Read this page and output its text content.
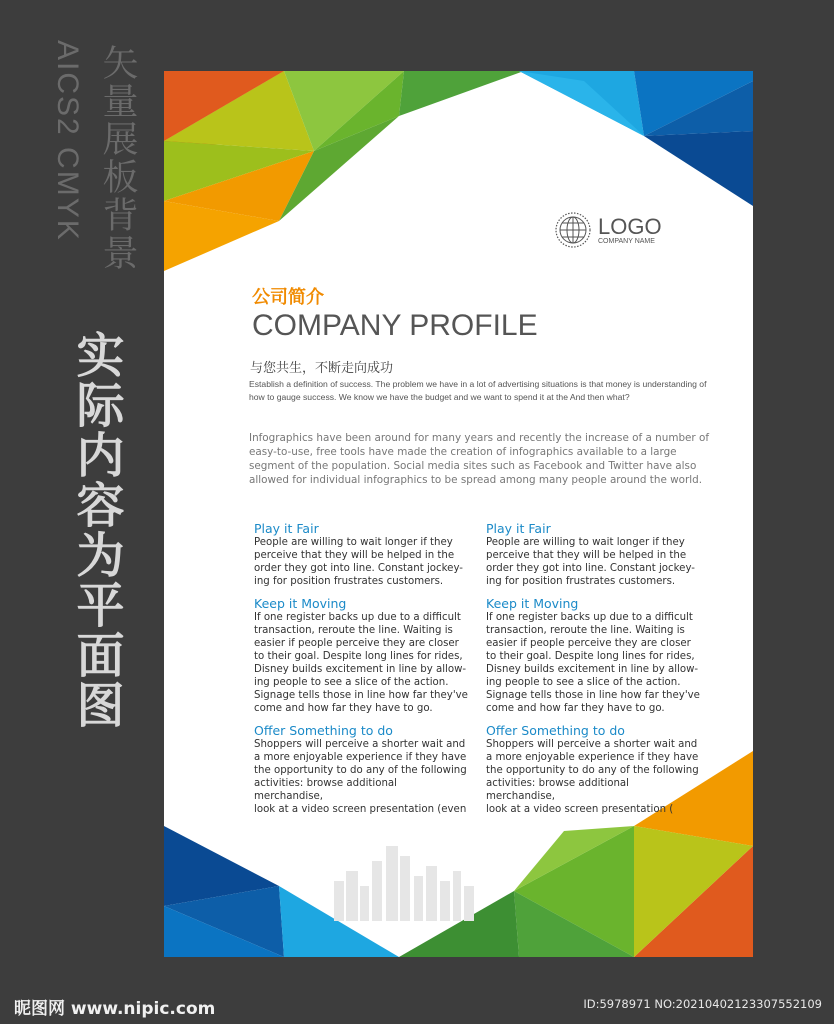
AICS2 CMYK 矢量展板背景
实际内容为平面图
LOGO
COMPANY NAME
公司简介
COMPANY PROFILE
与您共生，不断走向成功
Establish a definition of success. The problem we have in a lot of advertising situations is that money is understanding of how to gauge success. We know we have the budget and we want to spend it at the And then what?
Infographics have been around for many years and recently the increase of a number of easy-to-use, free tools have made the creation of infographics available to a large segment of the population. Social media sites such as Facebook and Twitter have also allowed for individual infographics to be spread among many people around the world.
Play it Fair
People are willing to wait longer if they
perceive that they will be helped in the
order they got into line. Constant jockey-
ing for position frustrates customers.
Keep it Moving
If one register backs up due to a difficult
transaction, reroute the line. Waiting is
easier if people perceive they are closer
to their goal. Despite long lines for rides,
Disney builds excitement in line by allow-
ing people to see a slice of the action.
Signage tells those in line how far they've
come and how far they have to go.
Offer Something to do
Shoppers will perceive a shorter wait and
a more enjoyable experience if they have
the opportunity to do any of the following
activities: browse additional merchandise,
look at a video screen presentation (even
Play it Fair
People are willing to wait longer if they
perceive that they will be helped in the
order they got into line. Constant jockey-
ing for position frustrates customers.
Keep it Moving
If one register backs up due to a difficult
transaction, reroute the line. Waiting is
easier if people perceive they are closer
to their goal. Despite long lines for rides,
Disney builds excitement in line by allow-
ing people to see a slice of the action.
Signage tells those in line how far they've
come and how far they have to go.
Offer Something to do
Shoppers will perceive a shorter wait and
a more enjoyable experience if they have
the opportunity to do any of the following
activities: browse additional merchandise,
look at a video screen presentation (
昵图网 www.nipic.com	ID:5978971 NO:20210402123307552109
